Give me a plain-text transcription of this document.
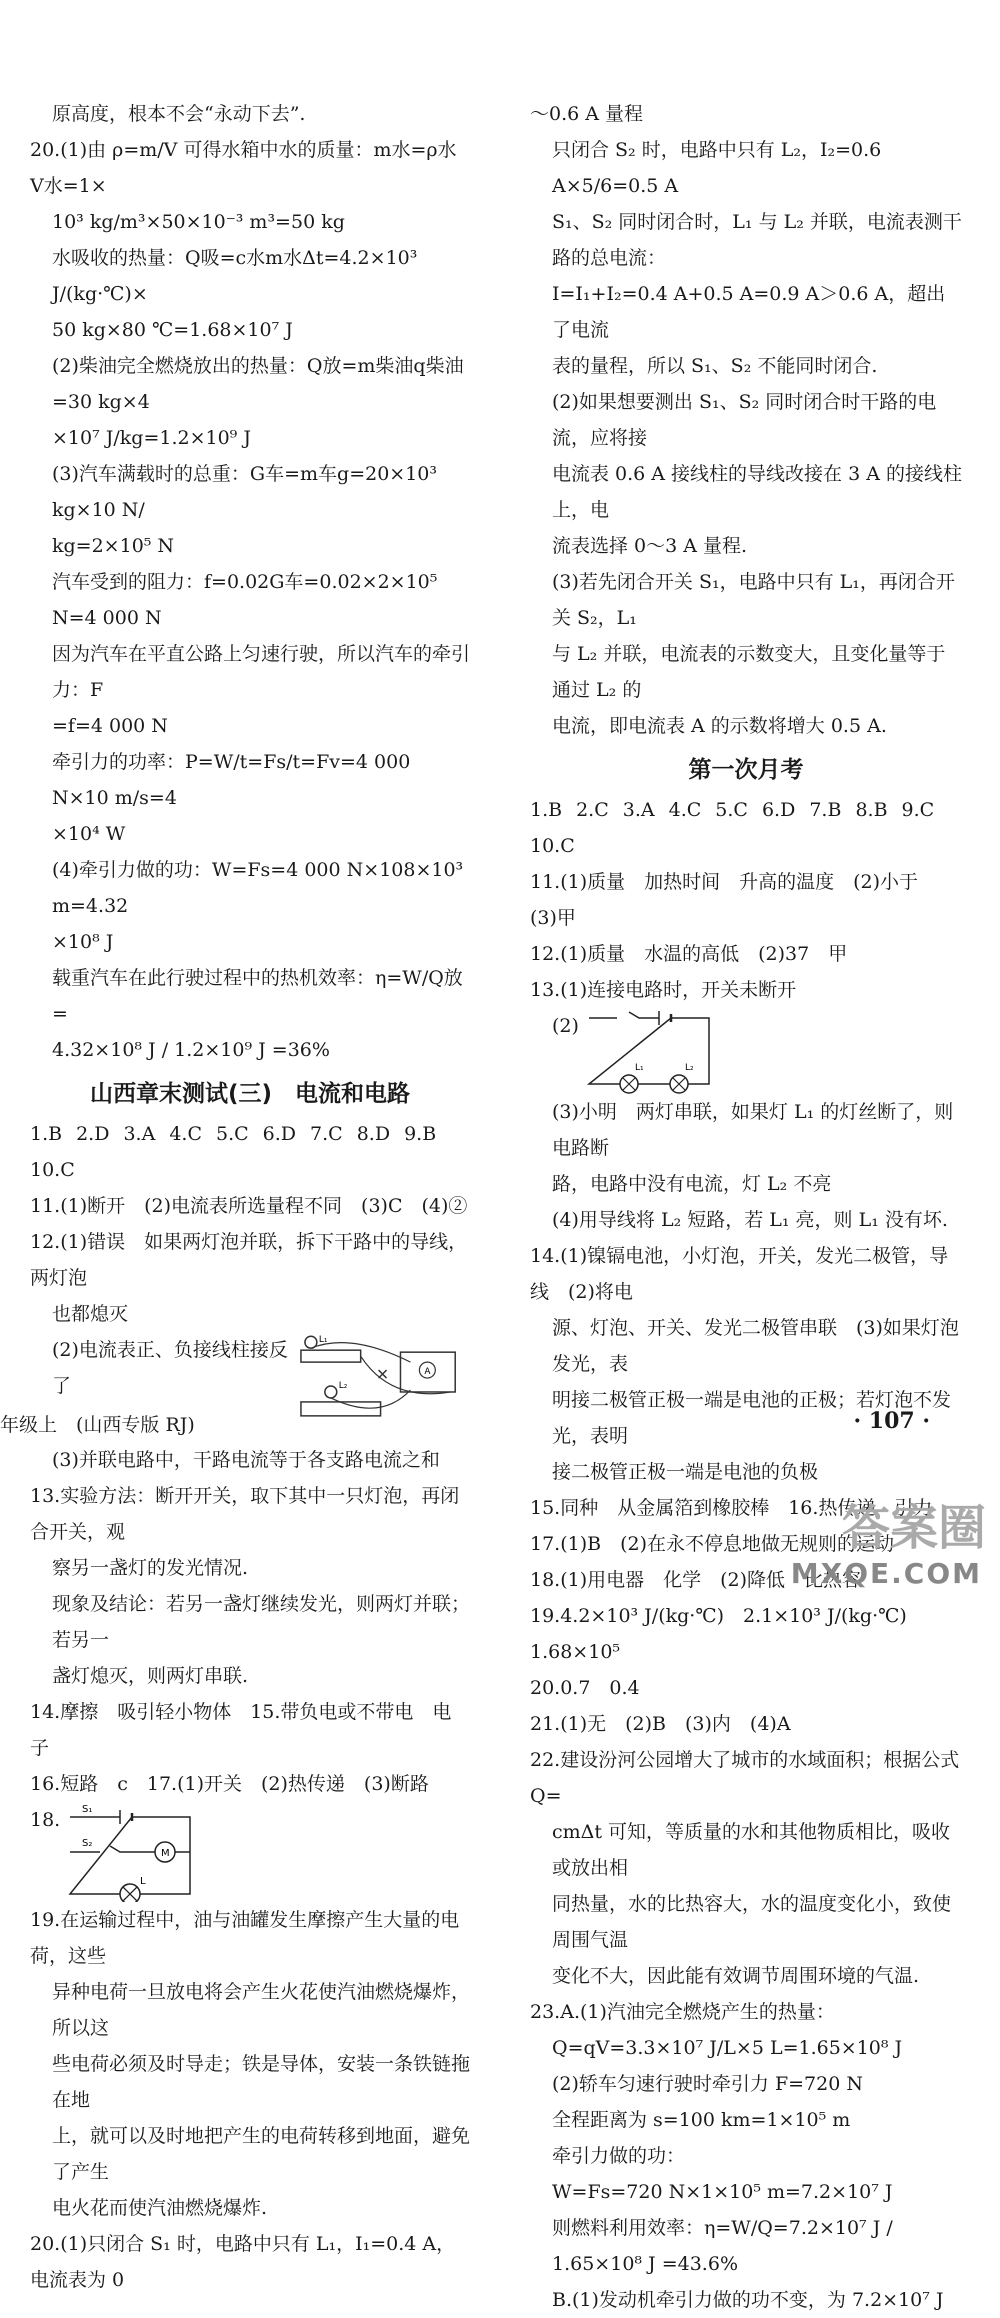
原高度，根本不会“永动下去”.
20.(1)由 ρ=m/V 可得水箱中水的质量：m水=ρ水V水=1×
10³ kg/m³×50×10⁻³ m³=50 kg
水吸收的热量：Q吸=c水m水Δt=4.2×10³ J/(kg·℃)×
50 kg×80 ℃=1.68×10⁷ J
(2)柴油完全燃烧放出的热量：Q放=m柴油q柴油=30 kg×4
×10⁷ J/kg=1.2×10⁹ J
(3)汽车满载时的总重：G车=m车g=20×10³ kg×10 N/
kg=2×10⁵ N
汽车受到的阻力：f=0.02G车=0.02×2×10⁵ N=4 000 N
因为汽车在平直公路上匀速行驶，所以汽车的牵引力：F
=f=4 000 N
牵引力的功率：P=W/t=Fs/t=Fv=4 000 N×10 m/s=4
×10⁴ W
(4)牵引力做的功：W=Fs=4 000 N×108×10³ m=4.32
×10⁸ J
载重汽车在此行驶过程中的热机效率：η=W/Q放=
4.32×10⁸ J / 1.2×10⁹ J =36%
山西章末测试(三)　电流和电路
1.B 2.D 3.A 4.C 5.C 6.D 7.C 8.D 9.B
10.C
11.(1)断开　(2)电流表所选量程不同　(3)C　(4)②
12.(1)错误　如果两灯泡并联，拆下干路中的导线，两灯泡
也都熄灭
(2)电流表正、负接线柱接反了
L₁
L₂
A
(3)并联电路中，干路电流等于各支路电流之和
13.实验方法：断开开关，取下其中一只灯泡，再闭合开关，观
察另一盏灯的发光情况.
现象及结论：若另一盏灯继续发光，则两灯并联；若另一
盏灯熄灭，则两灯串联.
14.摩擦　吸引轻小物体　15.带负电或不带电　电子
16.短路　c　17.(1)开关　(2)热传递　(3)断路
18. S₁
S₂
M
L
19.在运输过程中，油与油罐发生摩擦产生大量的电荷，这些
异种电荷一旦放电将会产生火花使汽油燃烧爆炸，所以这
些电荷必须及时导走；铁是导体，安装一条铁链拖在地
上，就可以及时地把产生的电荷转移到地面，避免了产生
电火花而使汽油燃烧爆炸.
20.(1)只闭合 S₁ 时，电路中只有 L₁，I₁=0.4 A，电流表为 0
～0.6 A 量程
只闭合 S₂ 时，电路中只有 L₂，I₂=0.6 A×5/6=0.5 A
S₁、S₂ 同时闭合时，L₁ 与 L₂ 并联，电流表测干路的总电流：
I=I₁+I₂=0.4 A+0.5 A=0.9 A＞0.6 A，超出了电流
表的量程，所以 S₁、S₂ 不能同时闭合.
(2)如果想要测出 S₁、S₂ 同时闭合时干路的电流，应将接
电流表 0.6 A 接线柱的导线改接在 3 A 的接线柱上，电
流表选择 0～3 A 量程.
(3)若先闭合开关 S₁，电路中只有 L₁，再闭合开关 S₂，L₁
与 L₂ 并联，电流表的示数变大，且变化量等于通过 L₂ 的
电流，即电流表 A 的示数将增大 0.5 A.
第一次月考
1.B 2.C 3.A 4.C 5.C 6.D 7.B 8.B 9.C
10.C
11.(1)质量　加热时间　升高的温度　(2)小于　(3)甲
12.(1)质量　水温的高低　(2)37　甲
13.(1)连接电路时，开关未断开
(2)
L₁	L₂
(3)小明　两灯串联，如果灯 L₁ 的灯丝断了，则电路断
路，电路中没有电流，灯 L₂ 不亮
(4)用导线将 L₂ 短路，若 L₁ 亮，则 L₁ 没有坏.
14.(1)镍镉电池，小灯泡，开关，发光二极管，导线　(2)将电
源、灯泡、开关、发光二极管串联　(3)如果灯泡发光，表
明接二极管正极一端是电池的正极；若灯泡不发光，表明
接二极管正极一端是电池的负极
15.同种　从金属箔到橡胶棒　16.热传递　引力
17.(1)B　(2)在永不停息地做无规则的运动
18.(1)用电器　化学　(2)降低　比热容
19.4.2×10³ J/(kg·℃)　2.1×10³ J/(kg·℃)　1.68×10⁵
20.0.7　0.4
21.(1)无　(2)B　(3)内　(4)A
22.建设汾河公园增大了城市的水域面积；根据公式 Q=
cmΔt 可知，等质量的水和其他物质相比，吸收或放出相
同热量，水的比热容大，水的温度变化小，致使周围气温
变化不大，因此能有效调节周围环境的气温.
23.A.(1)汽油完全燃烧产生的热量：
Q=qV=3.3×10⁷ J/L×5 L=1.65×10⁸ J
(2)轿车匀速行驶时牵引力 F=720 N
全程距离为 s=100 km=1×10⁵ m
牵引力做的功：
W=Fs=720 N×1×10⁵ m=7.2×10⁷ J
则燃料利用效率：η=W/Q=7.2×10⁷ J / 1.65×10⁸ J =43.6%
B.(1)发动机牵引力做的功不变，为 7.2×10⁷ J
年级上　(山西专版 RJ)	· 107 ·
答案圈
MXQE.COM
